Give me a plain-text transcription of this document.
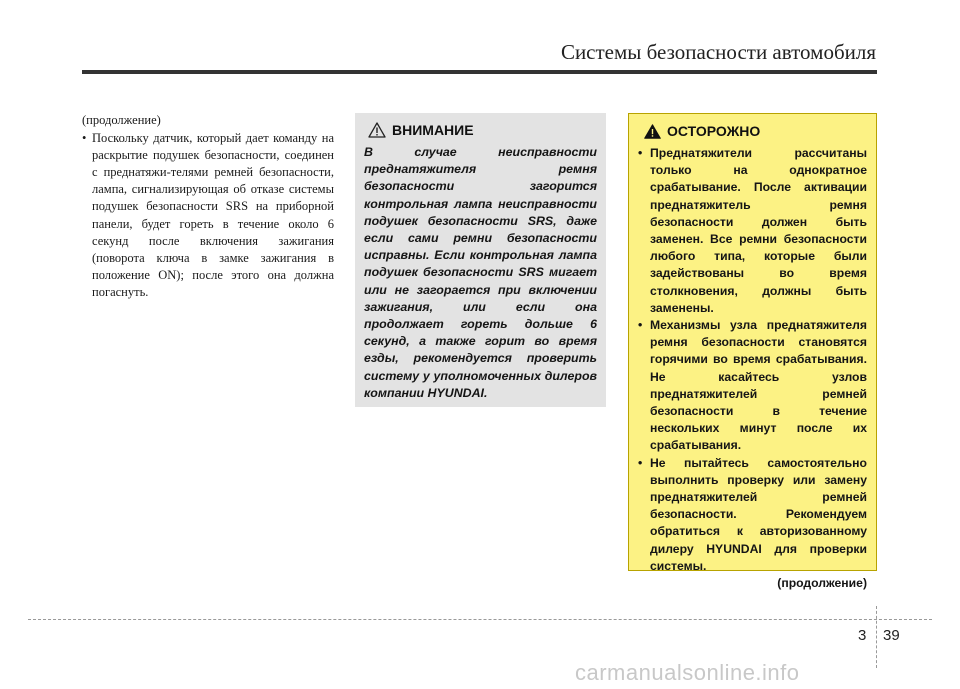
Системы безопасности автомобиля
(продолжение)
• Поскольку датчик, который дает команду на раскрытие подушек безопасности, соединен с преднатяжи-телями ремней безопасности, лампа, сигнализирующая об отказе системы подушек безопасности SRS на приборной панели, будет гореть в течение около 6 секунд после включения зажигания (поворота ключа в замке зажигания в положение ON); после этого она должна погаснуть.
ВНИМАНИЕ
В случае неисправности преднатяжителя ремня безопасности загорится контрольная лампа неисправности подушек безопасности SRS, даже если сами ремни безопасности исправны. Если контрольная лампа подушек безопасности SRS мигает или не загорается при включении зажигания, или если она продолжает гореть дольше 6 секунд, а также горит во время езды, рекомендуется проверить систему у уполномоченных дилеров компании HYUNDAI.
ОСТОРОЖНО
• Преднатяжители рассчитаны только на однократное срабатывание. После активации преднатяжитель ремня безопасности должен быть заменен. Все ремни безопасности любого типа, которые были задействованы во время столкновения, должны быть заменены.
• Механизмы узла преднатяжителя ремня безопасности становятся горячими во время срабатывания. Не касайтесь узлов преднатяжителей ремней безопасности в течение нескольких минут после их срабатывания.
• Не пытайтесь самостоятельно выполнить проверку или замену преднатяжителей ремней безопасности. Рекомендуем обратиться к авторизованному дилеру HYUNDAI для проверки системы.
(продолжение)
3 39
carmanualsonline.info
